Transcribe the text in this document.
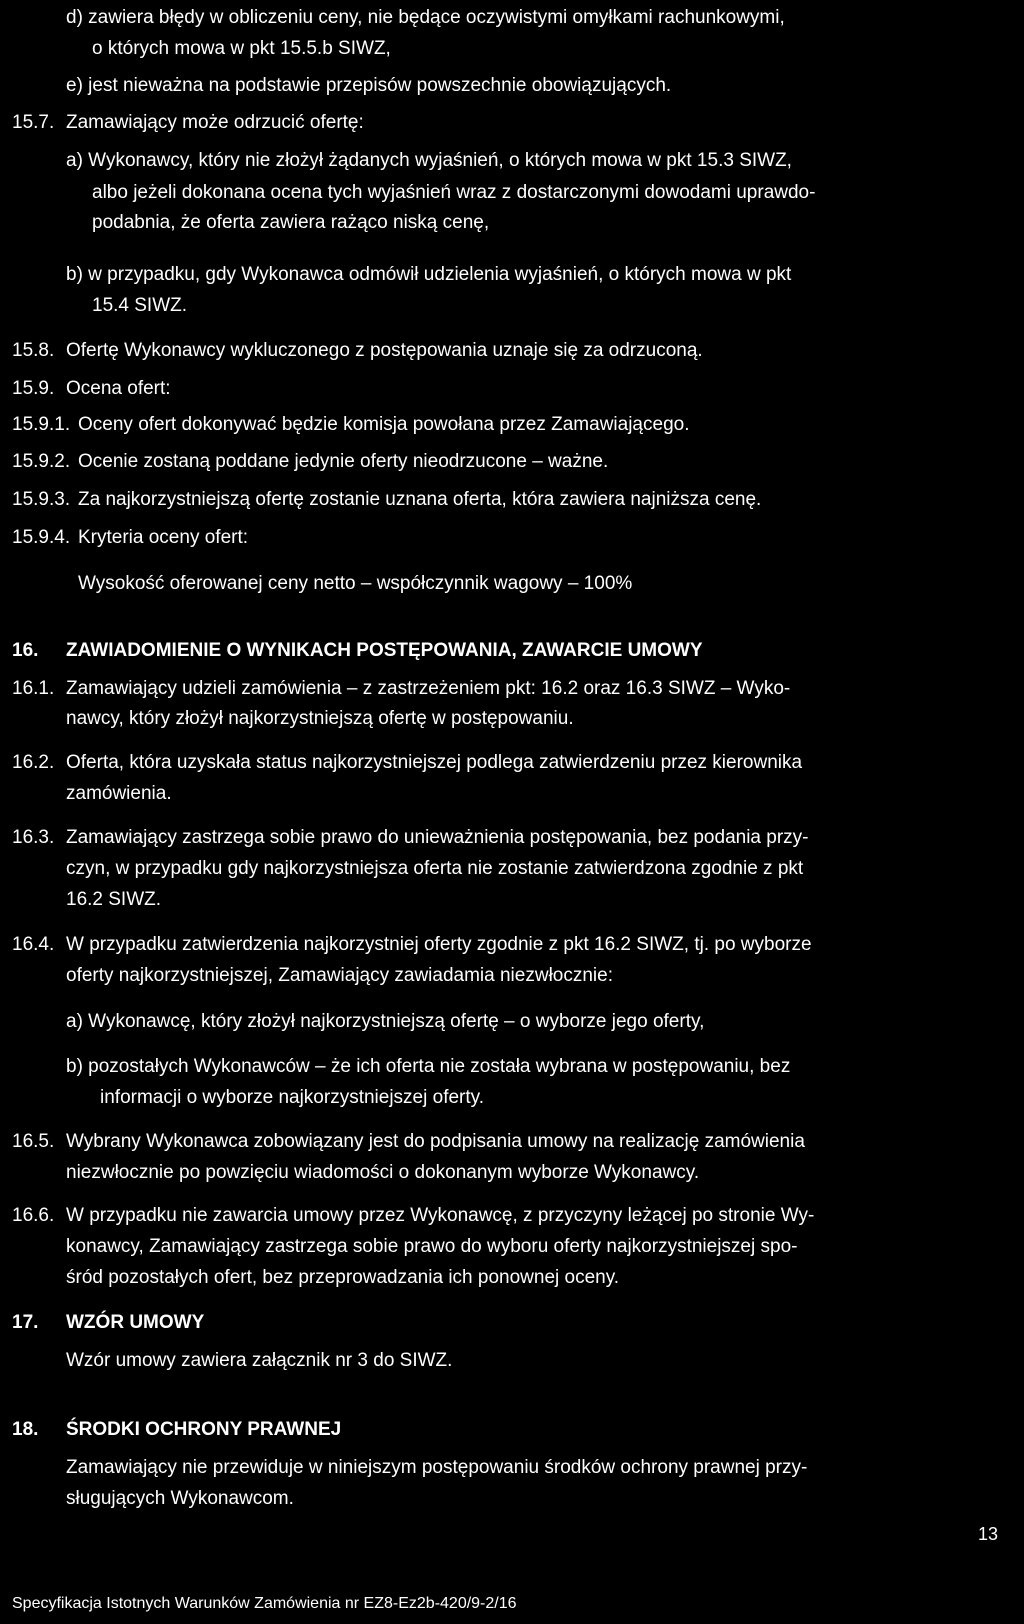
15.7.
15.8.
15.9.
15.9.1.
15.9.2.
15.9.3.
15.9.4.
16.
16.1.
16.2.
16.3.
16.4.
16.5.
16.6.
17.
18.
d) zawiera błędy w obliczeniu ceny, nie będące oczywistymi omyłkami rachunkowymi,
o których mowa w pkt 15.5.b SIWZ,
e) jest nieważna na podstawie przepisów powszechnie obowiązujących.
Zamawiający może odrzucić ofertę:
a) Wykonawcy, który nie złożył żądanych wyjaśnień, o których mowa w pkt 15.3 SIWZ,
albo jeżeli dokonana ocena tych wyjaśnień wraz z dostarczonymi dowodami uprawdo-
podabnia, że oferta zawiera rażąco niską cenę,
b) w przypadku, gdy Wykonawca odmówił udzielenia wyjaśnień, o których mowa w pkt
15.4 SIWZ.
Ofertę Wykonawcy wykluczonego z postępowania uznaje się za odrzuconą.
Ocena ofert:
Oceny ofert dokonywać będzie komisja powołana przez Zamawiającego.
Ocenie zostaną poddane jedynie oferty nieodrzucone – ważne.
Za najkorzystniejszą ofertę zostanie uznana oferta, która zawiera najniższa cenę.
Kryteria oceny ofert:
Wysokość oferowanej ceny netto – współczynnik wagowy – 100%
ZAWIADOMIENIE O WYNIKACH POSTĘPOWANIA, ZAWARCIE UMOWY
Zamawiający udzieli zamówienia – z zastrzeżeniem pkt: 16.2 oraz 16.3 SIWZ – Wyko-
nawcy, który złożył najkorzystniejszą ofertę w postępowaniu.
Oferta, która uzyskała status najkorzystniejszej podlega zatwierdzeniu przez kierownika
zamówienia.
Zamawiający zastrzega sobie prawo do unieważnienia postępowania, bez podania przy-
czyn, w przypadku gdy najkorzystniejsza oferta nie zostanie zatwierdzona zgodnie z pkt
16.2 SIWZ.
W przypadku zatwierdzenia najkorzystniej oferty zgodnie z pkt 16.2 SIWZ, tj. po wyborze
oferty najkorzystniejszej, Zamawiający zawiadamia niezwłocznie:
a) Wykonawcę, który złożył najkorzystniejszą ofertę – o wyborze jego oferty,
b) pozostałych Wykonawców – że ich oferta nie została wybrana w postępowaniu, bez
informacji o wyborze najkorzystniejszej oferty.
Wybrany Wykonawca zobowiązany jest do podpisania umowy na realizację zamówienia
niezwłocznie po powzięciu wiadomości o dokonanym wyborze Wykonawcy.
W przypadku nie zawarcia umowy przez Wykonawcę, z przyczyny leżącej po stronie Wy-
konawcy, Zamawiający zastrzega sobie prawo do wyboru oferty najkorzystniejszej spo-
śród pozostałych ofert, bez przeprowadzania ich ponownej oceny.
WZÓR UMOWY
Wzór umowy zawiera załącznik nr 3 do SIWZ.
ŚRODKI OCHRONY PRAWNEJ
Zamawiający nie przewiduje w niniejszym postępowaniu środków ochrony prawnej przy-
sługujących Wykonawcom.
13
Specyfikacja Istotnych Warunków Zamówienia nr EZ8-Ez2b-420/9-2/16
